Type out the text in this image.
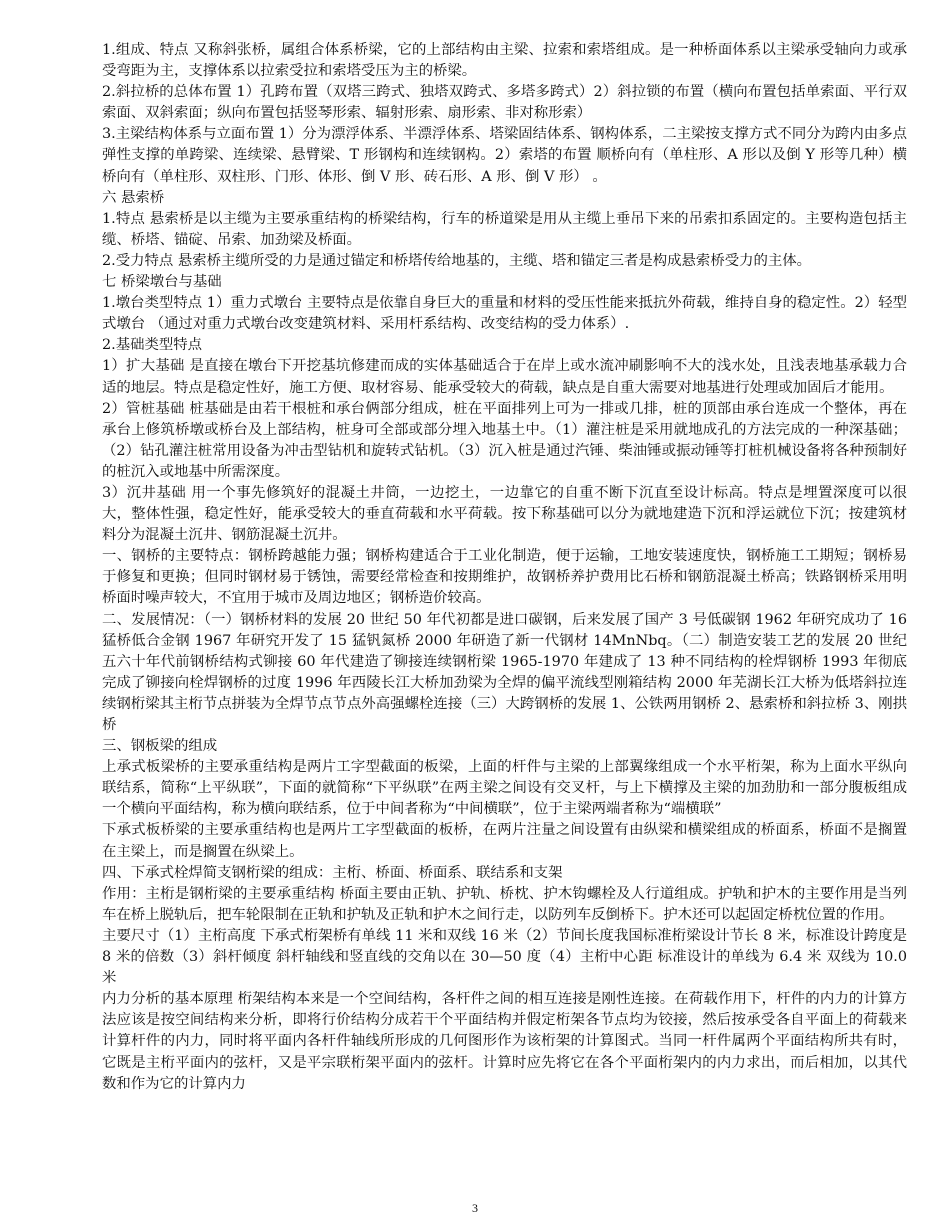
1.组成、特点 又称斜张桥，属组合体系桥梁，它的上部结构由主梁、拉索和索塔组成。是一种桥面体系以主梁承受轴向力或承受弯距为主，支撑体系以拉索受拉和索塔受压为主的桥梁。

2.斜拉桥的总体布置 1）孔跨布置（双塔三跨式、独塔双跨式、多塔多跨式）2）斜拉锁的布置（横向布置包括单索面、平行双索面、双斜索面；纵向布置包括竖琴形索、辐射形索、扇形索、非对称形索）

3.主梁结构体系与立面布置 1）分为漂浮体系、半漂浮体系、塔梁固结体系、钢构体系，二主梁按支撑方式不同分为跨内由多点弹性支撑的单跨梁、连续梁、悬臂梁、T 形钢构和连续钢构。2）索塔的布置 顺桥向有（单柱形、A 形以及倒 Y 形等几种）横桥向有（单柱形、双柱形、门形、体形、倒 V 形、砖石形、A 形、倒 V 形） 。

六 悬索桥

1.特点 悬索桥是以主缆为主要承重结构的桥梁结构，行车的桥道梁是用从主缆上垂吊下来的吊索扣系固定的。主要构造包括主缆、桥塔、锚碇、吊索、加劲梁及桥面。

2.受力特点 悬索桥主缆所受的力是通过锚定和桥塔传给地基的，主缆、塔和锚定三者是构成悬索桥受力的主体。

七 桥梁墩台与基础

1.墩台类型特点 1）重力式墩台 主要特点是依靠自身巨大的重量和材料的受压性能来抵抗外荷载，维持自身的稳定性。2）轻型式墩台 （通过对重力式墩台改变建筑材料、采用杆系结构、改变结构的受力体系）.

2.基础类型特点

1）扩大基础 是直接在墩台下开挖基坑修建而成的实体基础适合于在岸上或水流冲刷影响不大的浅水处，且浅表地基承载力合适的地层。特点是稳定性好，施工方便、取材容易、能承受较大的荷载，缺点是自重大需要对地基进行处理或加固后才能用。

2）管桩基础 桩基础是由若干根桩和承台俩部分组成，桩在平面排列上可为一排或几排，桩的顶部由承台连成一个整体，再在承台上修筑桥墩或桥台及上部结构，桩身可全部或部分埋入地基土中。（1）灌注桩是采用就地成孔的方法完成的一种深基础；（2）钻孔灌注桩常用设备为冲击型钻机和旋转式钻机。（3）沉入桩是通过汽锤、柴油锤或振动锤等打桩机械设备将各种预制好的桩沉入或地基中所需深度。

3）沉井基础 用一个事先修筑好的混凝土井筒，一边挖土，一边靠它的自重不断下沉直至设计标高。特点是埋置深度可以很大，整体性强，稳定性好，能承受较大的垂直荷载和水平荷载。按下称基础可以分为就地建造下沉和浮运就位下沉；按建筑材料分为混凝土沉井、钢筋混凝土沉井。

一、钢桥的主要特点：钢桥跨越能力强；钢桥构建适合于工业化制造，便于运输，工地安装速度快，钢桥施工工期短；钢桥易于修复和更换；但同时钢材易于锈蚀，需要经常检查和按期维护，故钢桥养护费用比石桥和钢筋混凝土桥高；铁路钢桥采用明桥面时噪声较大，不宜用于城市及周边地区；钢桥造价较高。

二、发展情况：（一）钢桥材料的发展 20 世纪 50 年代初都是进口碳钢，后来发展了国产 3 号低碳钢 1962 年研究成功了 16 猛桥低合金钢 1967 年研究开发了 15 猛钒氮桥 2000 年研造了新一代钢材 14MnNbq。（二）制造安装工艺的发展 20 世纪五六十年代前钢桥结构式铆接 60 年代建造了铆接连续钢桁梁 1965-1970 年建成了 13 种不同结构的栓焊钢桥 1993 年彻底完成了铆接向栓焊钢桥的过度 1996 年西陵长江大桥加劲梁为全焊的偏平流线型刚箱结构 2000 年芜湖长江大桥为低塔斜拉连续钢桁梁其主桁节点拼装为全焊节点节点外高强螺栓连接（三）大跨钢桥的发展 1、公铁两用钢桥 2、悬索桥和斜拉桥 3、刚拱桥

三、钢板梁的组成

上承式板梁桥的主要承重结构是两片工字型截面的板梁，上面的杆件与主梁的上部翼缘组成一个水平桁架，称为上面水平纵向联结系，简称“上平纵联”，下面的就简称“下平纵联”在两主梁之间设有交叉杆，与上下横撑及主梁的加劲肋和一部分腹板组成一个横向平面结构，称为横向联结系，位于中间者称为“中间横联”，位于主梁两端者称为“端横联”

下承式板桥梁的主要承重结构也是两片工字型截面的板桥，在两片注量之间设置有由纵梁和横梁组成的桥面系，桥面不是搁置在主梁上，而是搁置在纵梁上。

四、下承式栓焊简支钢桁梁的组成：主桁、桥面、桥面系、联结系和支架

作用：主桁是钢桁梁的主要承重结构 桥面主要由正轨、护轨、桥枕、护木钩螺栓及人行道组成。护轨和护木的主要作用是当列车在桥上脱轨后，把车轮限制在正轨和护轨及正轨和护木之间行走，以防列车反倒桥下。护木还可以起固定桥枕位置的作用。

主要尺寸（1）主桁高度 下承式桁架桥有单线 11 米和双线 16 米（2）节间长度我国标准桁梁设计节长 8 米，标准设计跨度是 8 米的倍数（3）斜杆倾度 斜杆轴线和竖直线的交角以在 30—50 度（4）主桁中心距 标准设计的单线为 6.4 米 双线为 10.0 米

内力分析的基本原理 桁架结构本来是一个空间结构，各杆件之间的相互连接是刚性连接。在荷载作用下，杆件的内力的计算方法应该是按空间结构来分析，即将行价结构分成若干个平面结构并假定桁架各节点均为铰接，然后按承受各自平面上的荷载来计算杆件的内力，同时将平面内各杆件轴线所形成的几何图形作为该桁架的计算图式。当同一杆件属两个平面结构所共有时，它既是主桁平面内的弦杆，又是平宗联桁架平面内的弦杆。计算时应先将它在各个平面桁架内的内力求出，而后相加，以其代数和作为它的计算内力

3
